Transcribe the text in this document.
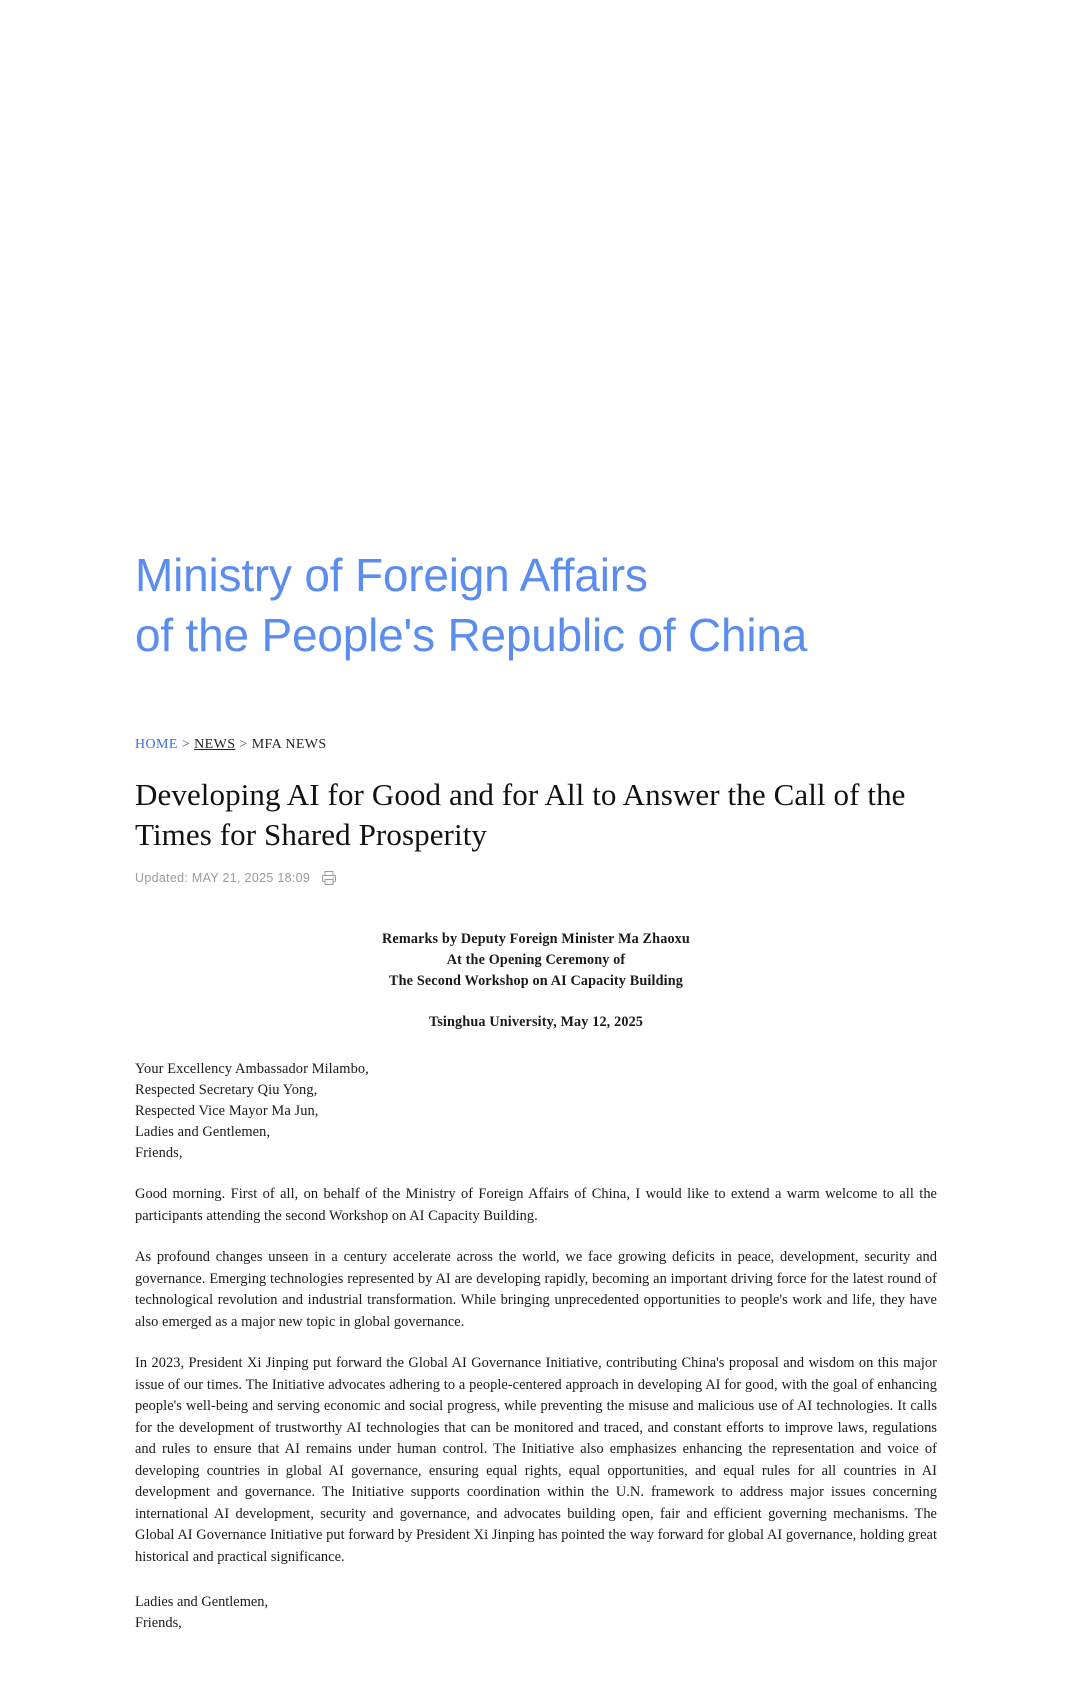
Ministry of Foreign Affairs
of the People's Republic of China
HOME > NEWS > MFA NEWS
Developing AI for Good and for All to Answer the Call of the Times for Shared Prosperity
Updated: MAY 21, 2025 18:09
Remarks by Deputy Foreign Minister Ma Zhaoxu
At the Opening Ceremony of
The Second Workshop on AI Capacity Building
Tsinghua University, May 12, 2025
Your Excellency Ambassador Milambo,
Respected Secretary Qiu Yong,
Respected Vice Mayor Ma Jun,
Ladies and Gentlemen,
Friends,

Good morning. First of all, on behalf of the Ministry of Foreign Affairs of China, I would like to extend a warm welcome to all the participants attending the second Workshop on AI Capacity Building.

As profound changes unseen in a century accelerate across the world, we face growing deficits in peace, development, security and governance. Emerging technologies represented by AI are developing rapidly, becoming an important driving force for the latest round of technological revolution and industrial transformation. While bringing unprecedented opportunities to people's work and life, they have also emerged as a major new topic in global governance.

In 2023, President Xi Jinping put forward the Global AI Governance Initiative, contributing China's proposal and wisdom on this major issue of our times. The Initiative advocates adhering to a people-centered approach in developing AI for good, with the goal of enhancing people's well-being and serving economic and social progress, while preventing the misuse and malicious use of AI technologies. It calls for the development of trustworthy AI technologies that can be monitored and traced, and constant efforts to improve laws, regulations and rules to ensure that AI remains under human control. The Initiative also emphasizes enhancing the representation and voice of developing countries in global AI governance, ensuring equal rights, equal opportunities, and equal rules for all countries in AI development and governance. The Initiative supports coordination within the U.N. framework to address major issues concerning international AI development, security and governance, and advocates building open, fair and efficient governing mechanisms. The Global AI Governance Initiative put forward by President Xi Jinping has pointed the way forward for global AI governance, holding great historical and practical significance.

Ladies and Gentlemen,
Friends,
